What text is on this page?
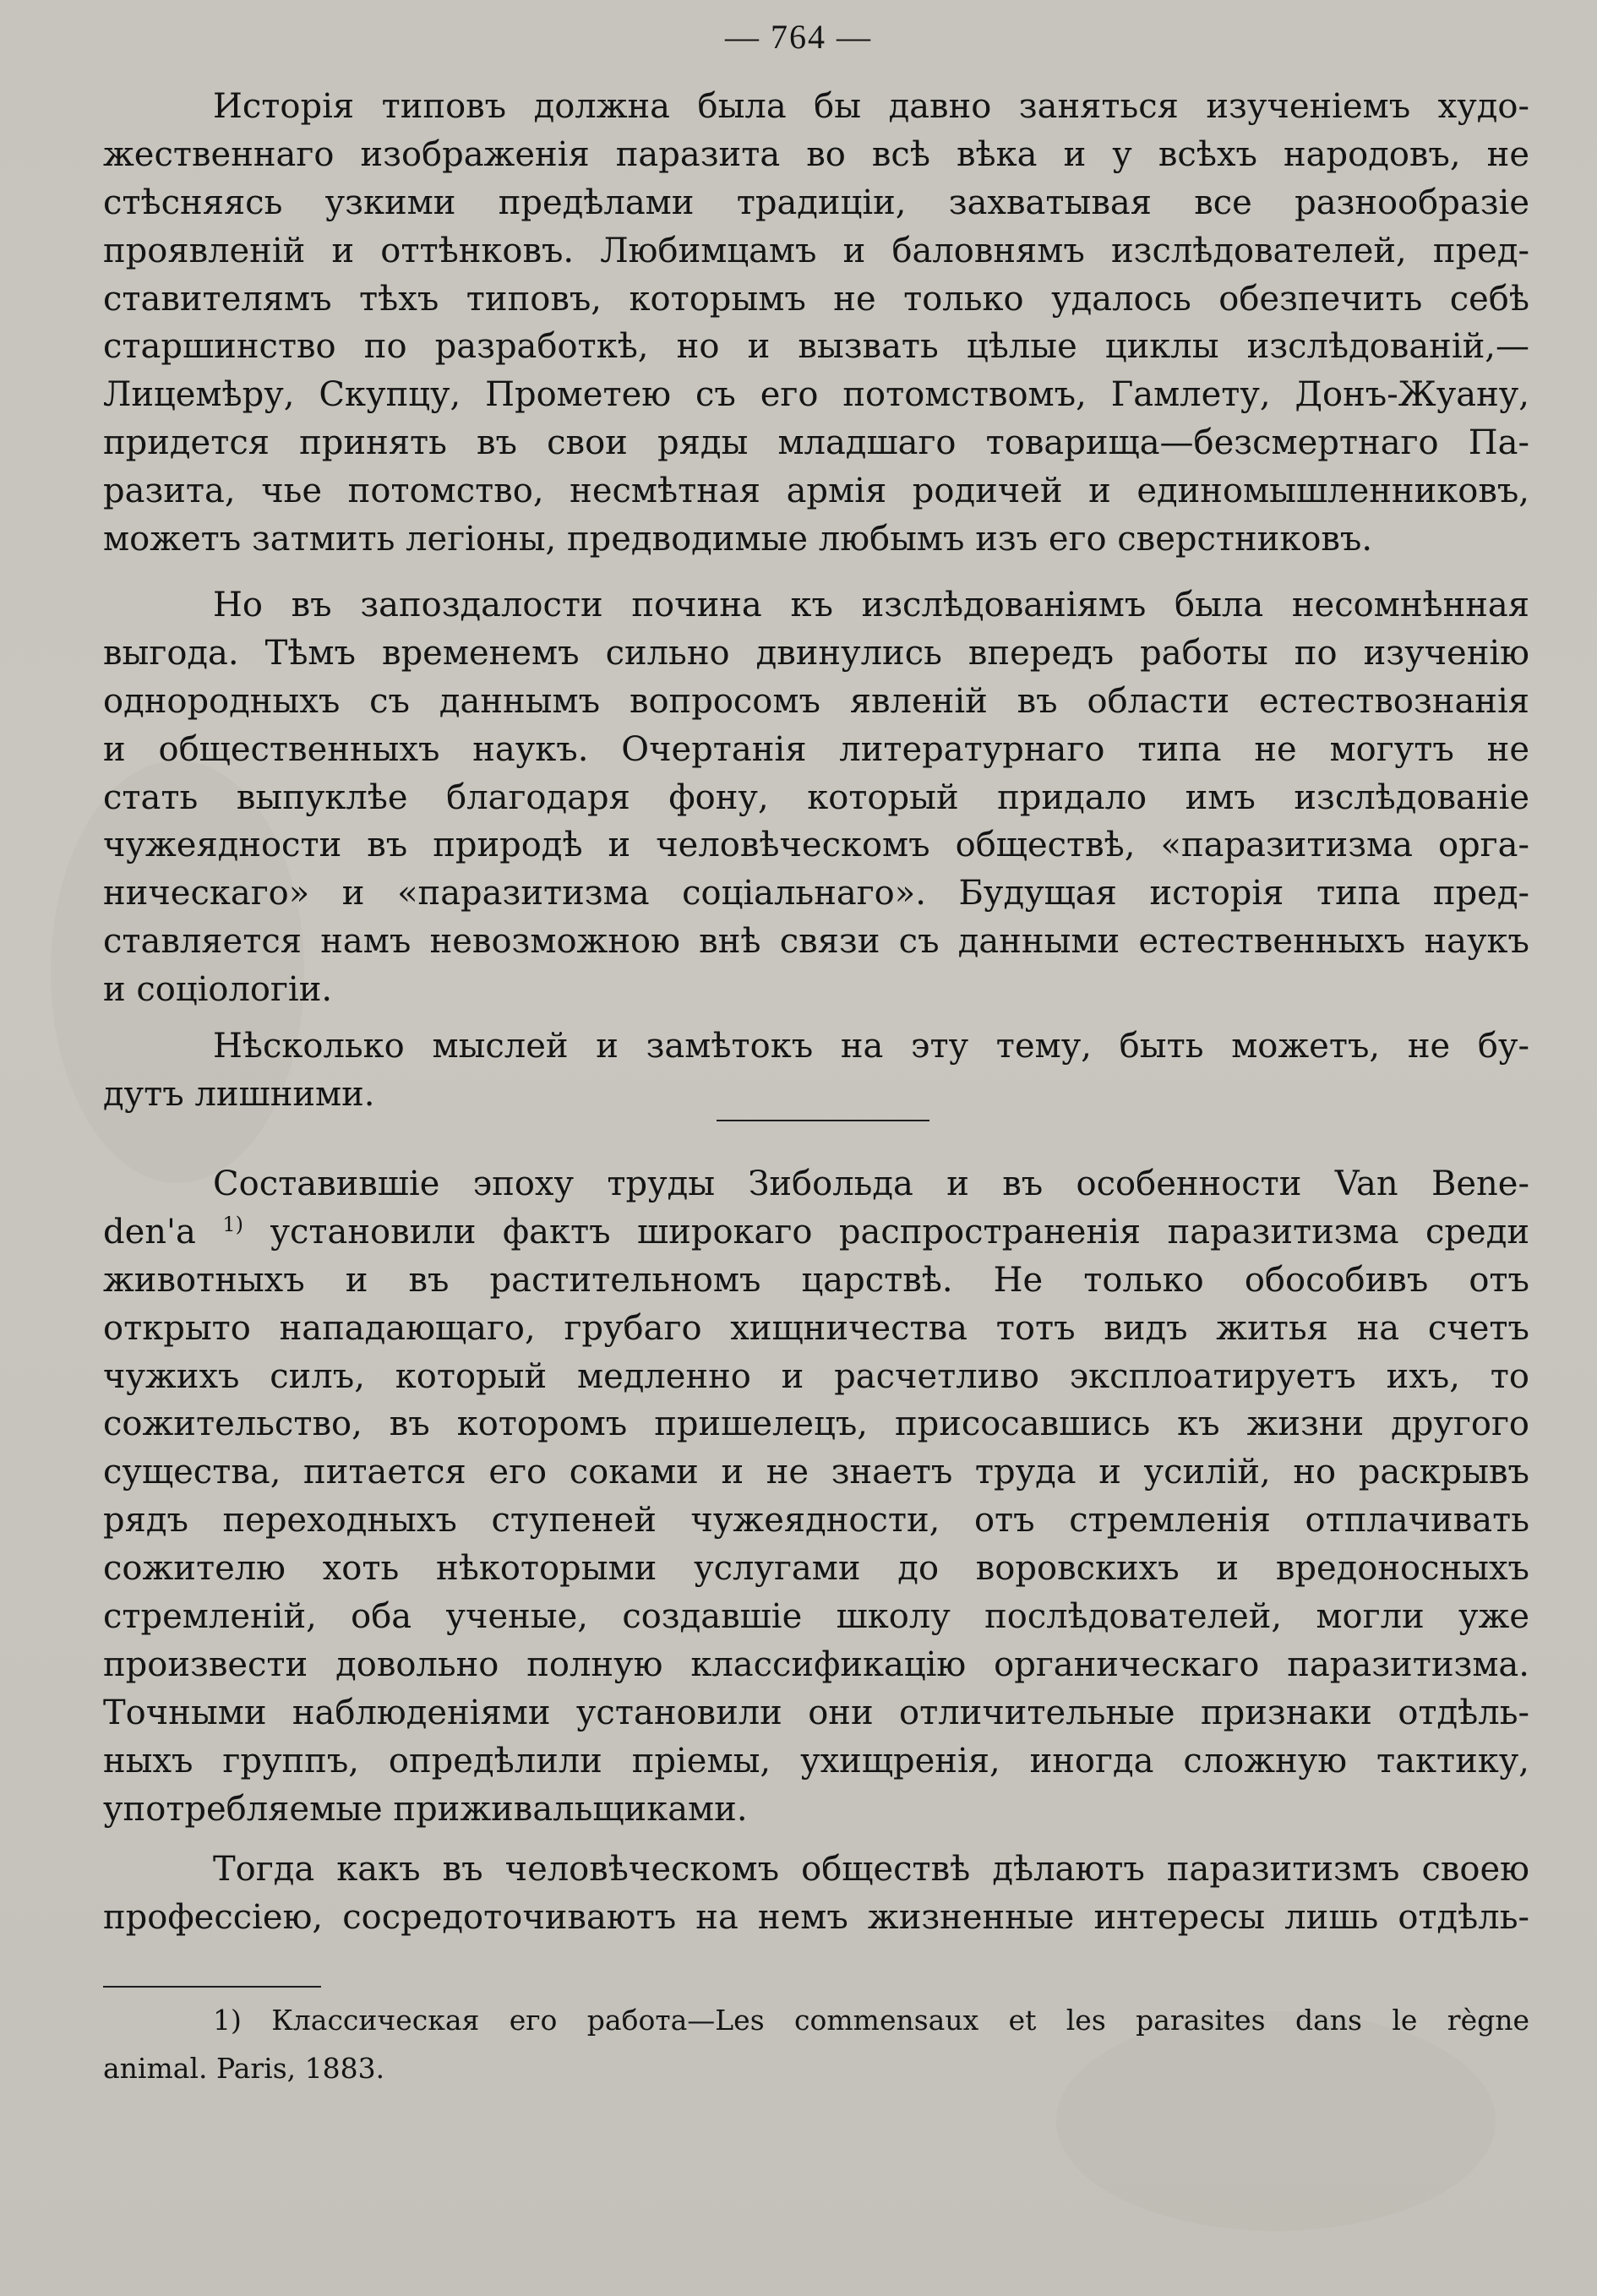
— 764 —
Исторія типовъ должна была бы давно заняться изученіемъ худо-
жественнаго изображенія паразита во всѣ вѣка и у всѣхъ народовъ, не
стѣсняясь узкими предѣлами традиціи, захватывая все разнообразіе
проявленій и оттѣнковъ. Любимцамъ и баловнямъ изслѣдователей, пред-
ставителямъ тѣхъ типовъ, которымъ не только удалось обезпечить себѣ
старшинство по разработкѣ, но и вызвать цѣлые циклы изслѣдованій,—
Лицемѣру, Скупцу, Прометею съ его потомствомъ, Гамлету, Донъ-Жуану,
придется принять въ свои ряды младшаго товарища—безсмертнаго Па-
разита, чье потомство, несмѣтная армія родичей и единомышленниковъ,
можетъ затмить легіоны, предводимые любымъ изъ его сверстниковъ.
Но въ запоздалости почина къ изслѣдованіямъ была несомнѣнная
выгода. Тѣмъ временемъ сильно двинулись впередъ работы по изученію
однородныхъ съ даннымъ вопросомъ явленій въ области естествознанія
и общественныхъ наукъ. Очертанія литературнаго типа не могутъ не
стать выпуклѣе благодаря фону, который придало имъ изслѣдованіе
чужеядности въ природѣ и человѣческомъ обществѣ, «паразитизма орга-
ническаго» и «паразитизма соціальнаго». Будущая исторія типа пред-
ставляется намъ невозможною внѣ связи съ данными естественныхъ наукъ
и соціологіи.
Нѣсколько мыслей и замѣтокъ на эту тему, быть можетъ, не бу-
дутъ лишними.
Составившіе эпоху труды Зибольда и въ особенности Van Bene-
den'a $^{1)}$ установили фактъ широкаго распространенія паразитизма среди
животныхъ и въ растительномъ царствѣ. Не только обособивъ отъ
открыто нападающаго, грубаго хищничества тотъ видъ житья на счетъ
чужихъ силъ, который медленно и расчетливо эксплоатируетъ ихъ, то
сожительство, въ которомъ пришелецъ, присосавшись къ жизни другого
существа, питается его соками и не знаетъ труда и усилій, но раскрывъ
рядъ переходныхъ ступеней чужеядности, отъ стремленія отплачивать
сожителю хоть нѣкоторыми услугами до воровскихъ и вредоносныхъ
стремленій, оба ученые, создавшіе школу послѣдователей, могли уже
произвести довольно полную классификацію органическаго паразитизма.
Точными наблюденіями установили они отличительные признаки отдѣль-
ныхъ группъ, опредѣлили пріемы, ухищренія, иногда сложную тактику,
употребляемые приживальщиками.
Тогда какъ въ человѣческомъ обществѣ дѣлаютъ паразитизмъ своею
профессіею, сосредоточиваютъ на немъ жизненные интересы лишь отдѣль-
1) Классическая его работа—Les commensaux et les parasites dans le règne
animal. Paris, 1883.
